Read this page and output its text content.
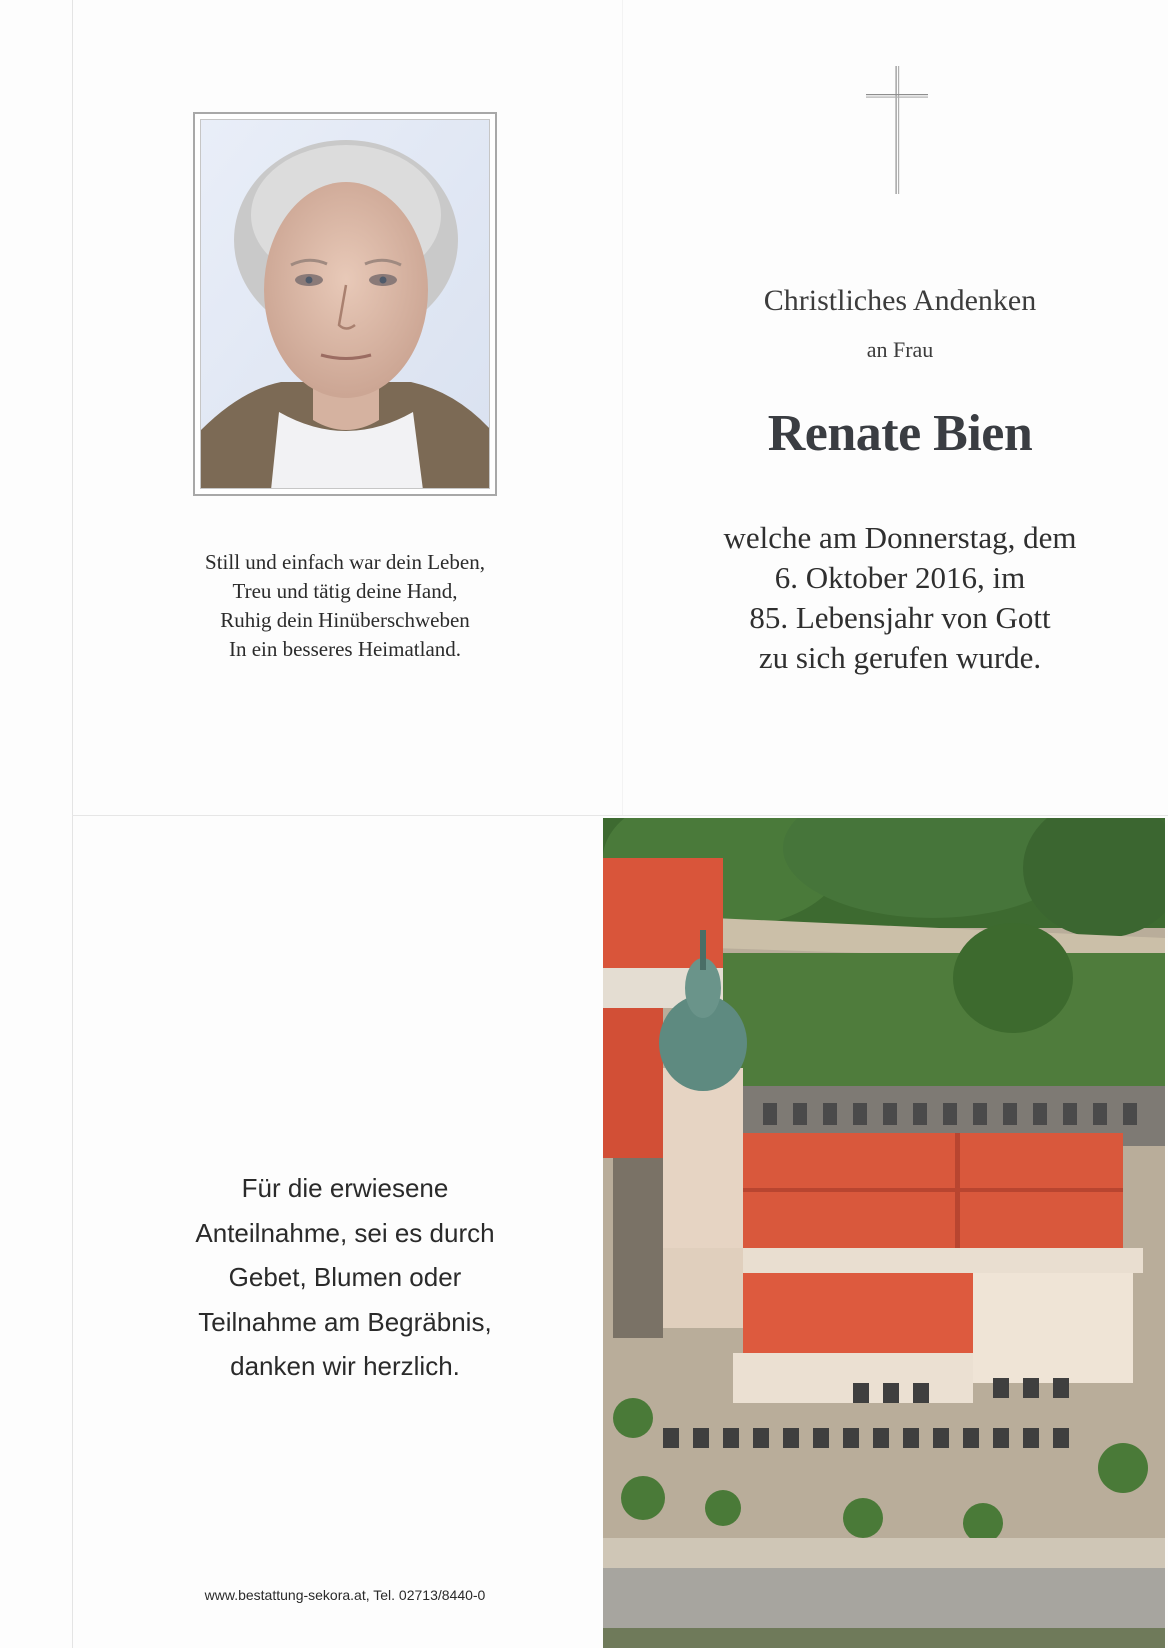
Still und einfach war dein Leben,
Treu und tätig deine Hand,
Ruhig dein Hinüberschweben
In ein besseres Heimatland.
Christliches Andenken
an Frau
Renate Bien
welche am Donnerstag, dem
6. Oktober 2016, im
85. Lebensjahr von Gott
zu sich gerufen wurde.
Für die erwiesene
Anteilnahme, sei es durch
Gebet, Blumen oder
Teilnahme am Begräbnis,
danken wir herzlich.
www.bestattung-sekora.at, Tel. 02713/8440-0
